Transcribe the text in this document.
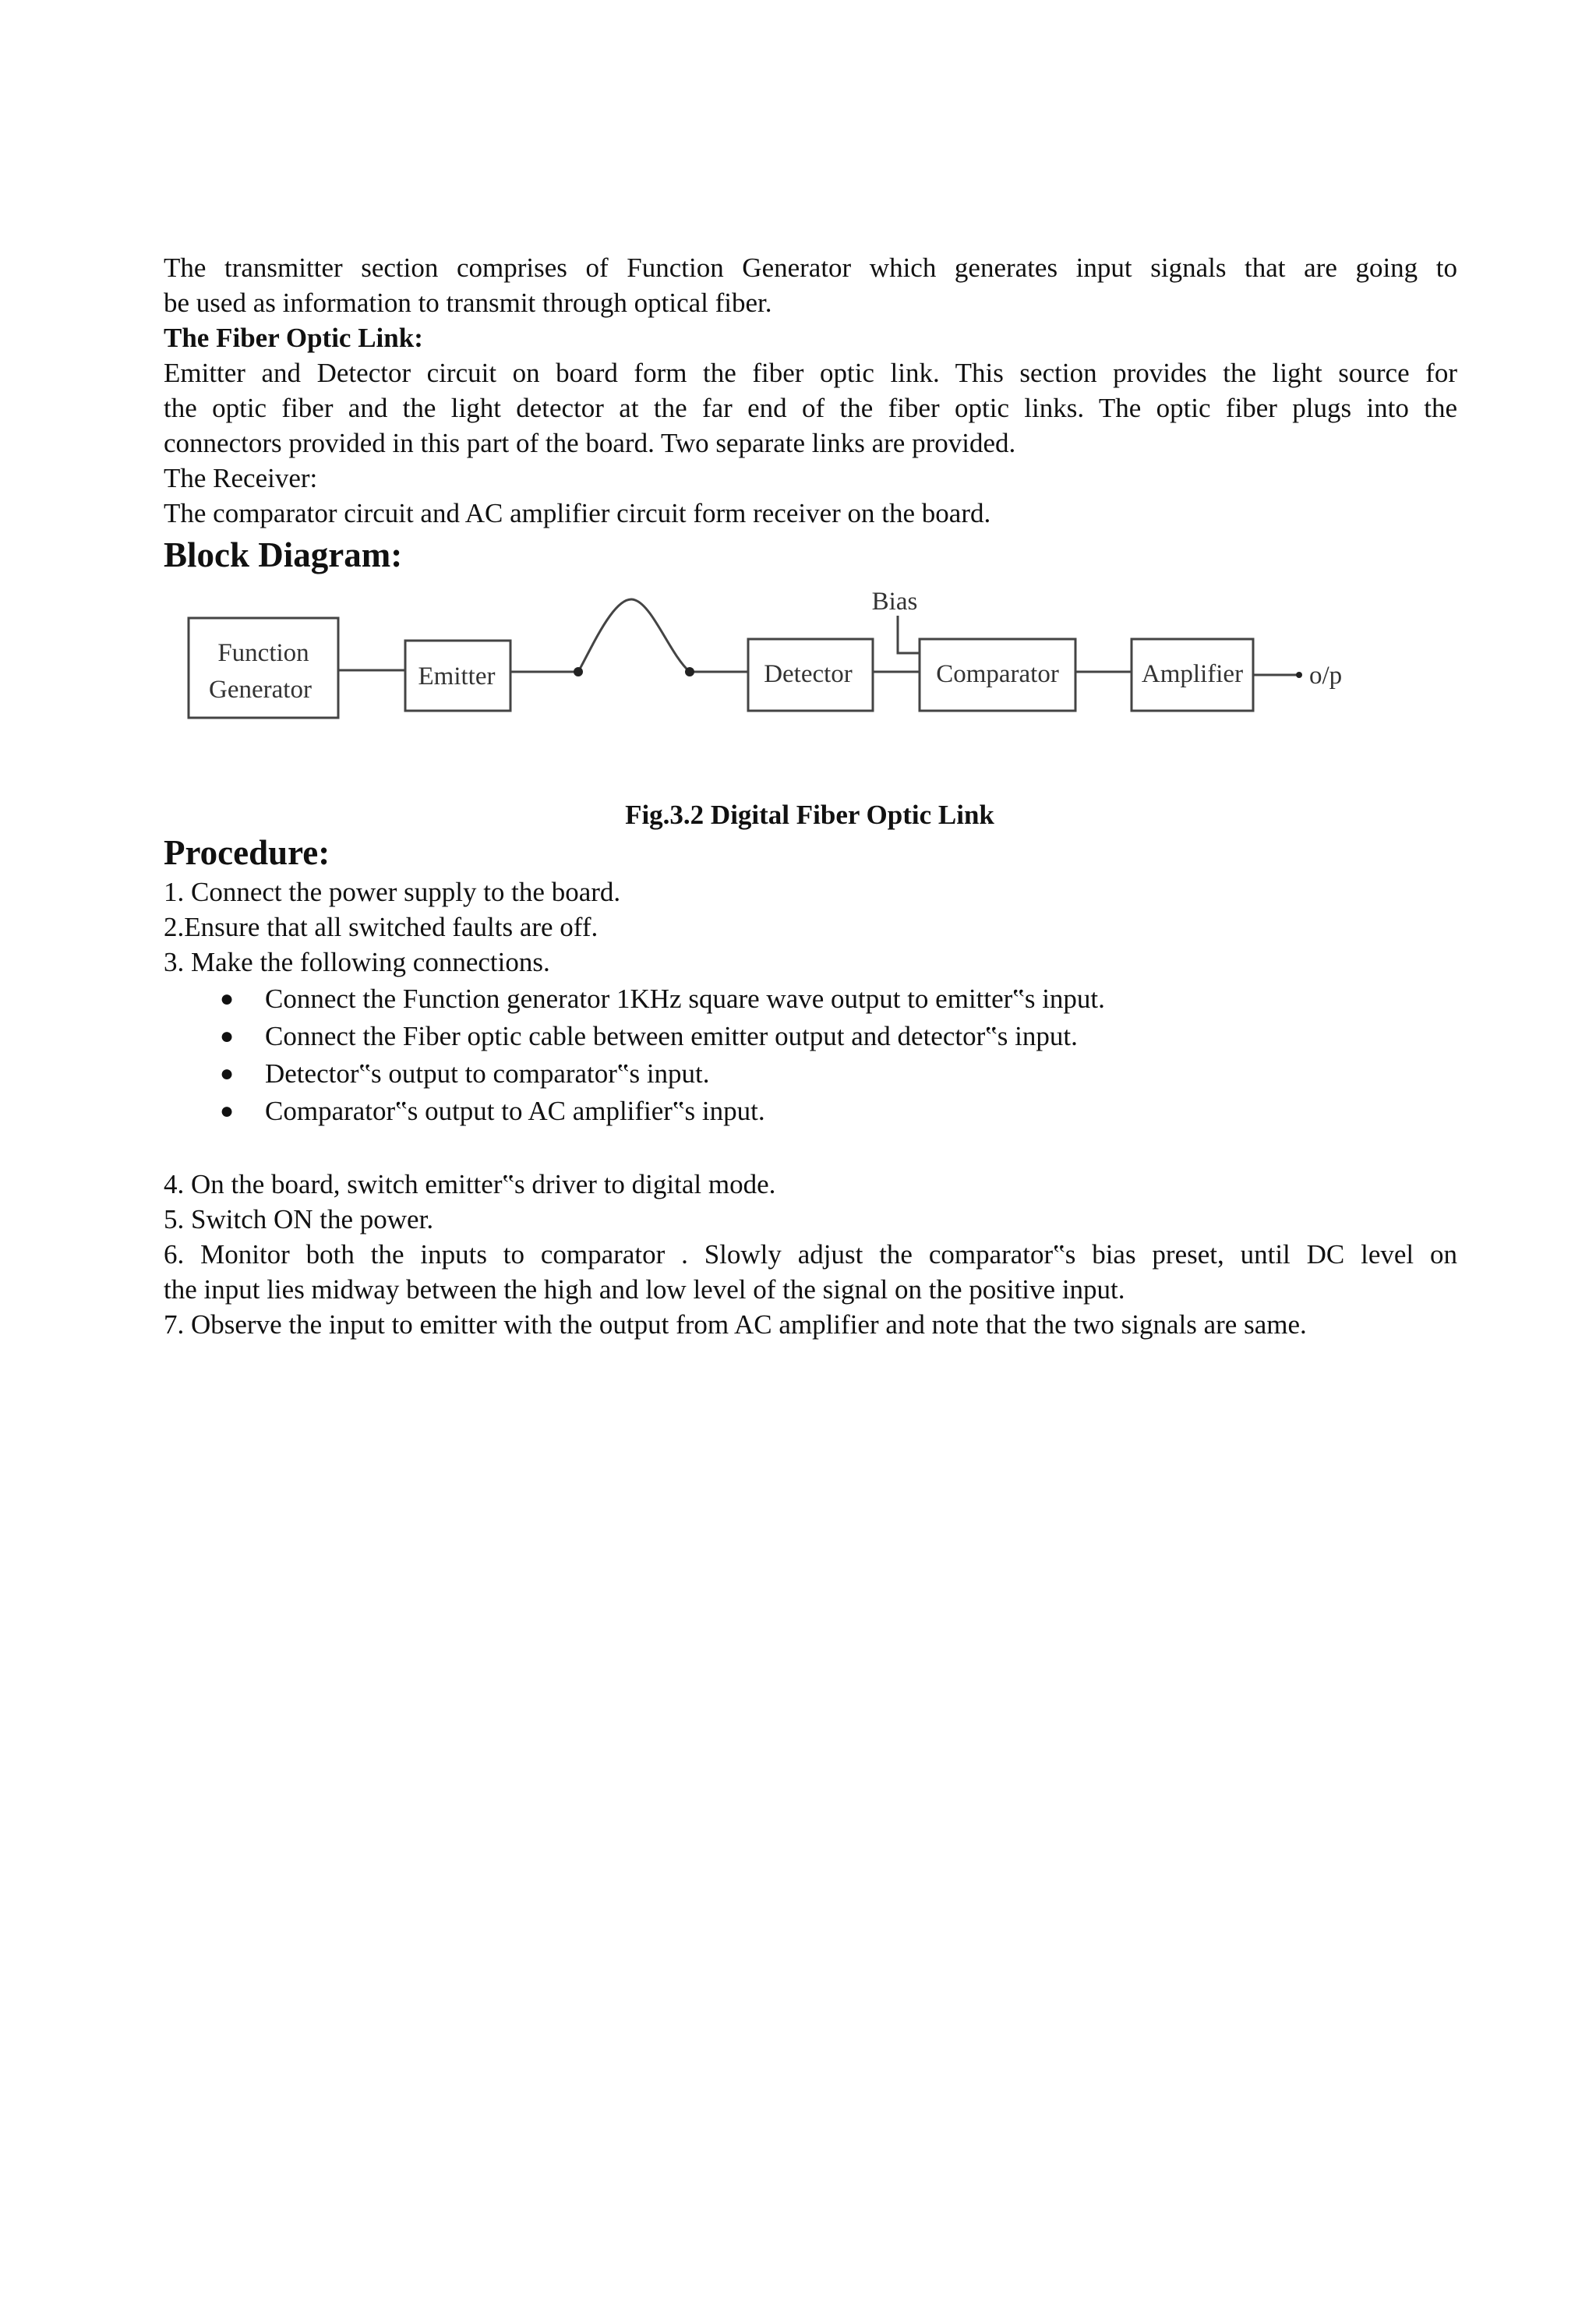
The transmitter section comprises of Function Generator which generates input signals that are going to
be used as information to transmit through optical fiber.
The Fiber Optic Link:
Emitter and Detector circuit on board form the fiber optic link. This section provides the light source for
the optic fiber and the light detector at the far end of the fiber optic links. The optic fiber plugs into the
connectors provided in this part of the board. Two separate links are provided.
The Receiver:
The comparator circuit and AC amplifier circuit form receiver on the board.
Block Diagram:
Function
Generator	Emitter	Detector
Bias
Comparator	Amplifier	o/p
Fig.3.2 Digital Fiber Optic Link
Procedure:
1. Connect the power supply to the board.
2.Ensure that all switched faults are off.
3. Make the following connections.
●	Connect the Function generator 1KHz square wave output to emitter‟s input.
●	Connect the Fiber optic cable between emitter output and detector‟s input.
●	Detector‟s output to comparator‟s input.
●	Comparator‟s output to AC amplifier‟s input.
4. On the board, switch emitter‟s driver to digital mode.
5. Switch ON the power.
6. Monitor both the inputs to comparator . Slowly adjust the comparator‟s bias preset, until DC level on
the input lies midway between the high and low level of the signal on the positive input.
7. Observe the input to emitter with the output from AC amplifier and note that the two signals are same.
